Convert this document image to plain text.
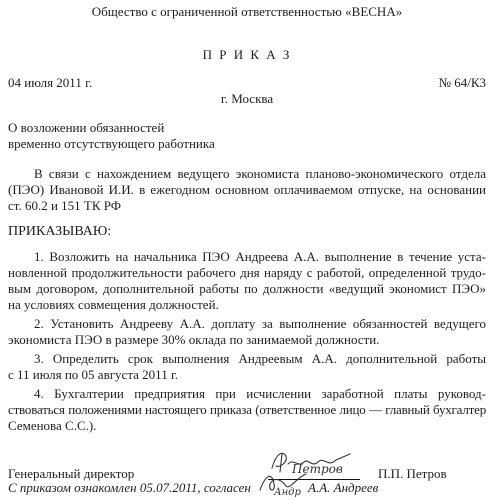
Общество с ограниченной ответственностью «ВЕСНА»
П Р И К А З
04 июля 2011 г.	№ 64/К3
г. Москва
О возложении обязанностей
временно отсутствующего работника
В связи с нахождением ведущего экономиста планово-экономического отдела
(ПЭО) Ивановой И.И. в ежегодном основном оплачиваемом отпуске, на основании
ст. 60.2 и 151 ТК РФ
ПРИКАЗЫВАЮ:
1. Возложить на начальника ПЭО Андреева А.А. выполнение в течение уста-
новленной продолжительности рабочего дня наряду с работой, определенной трудо-
вым договором, дополнительной работы по должности «ведущий экономист ПЭО»
на условиях совмещения должностей.
2. Установить Андрееву А.А. доплату за выполнение обязанностей ведущего
экономиста ПЭО в размере 30% оклада по занимаемой должности.
3. Определить срок выполнения Андреевым А.А. дополнительной работы
с 11 июля по 05 августа 2011 г.
4. Бухгалтерии предприятия при исчислении заработной платы руковод-
ствоваться положениями настоящего приказа (ответственное лицо — главный бухгалтер
Семенова С.С.).
Генеральный директор	Петров	П.П. Петров
С приказом ознакомлен 05.07.2011, согласен Андр А.А. Андреев
